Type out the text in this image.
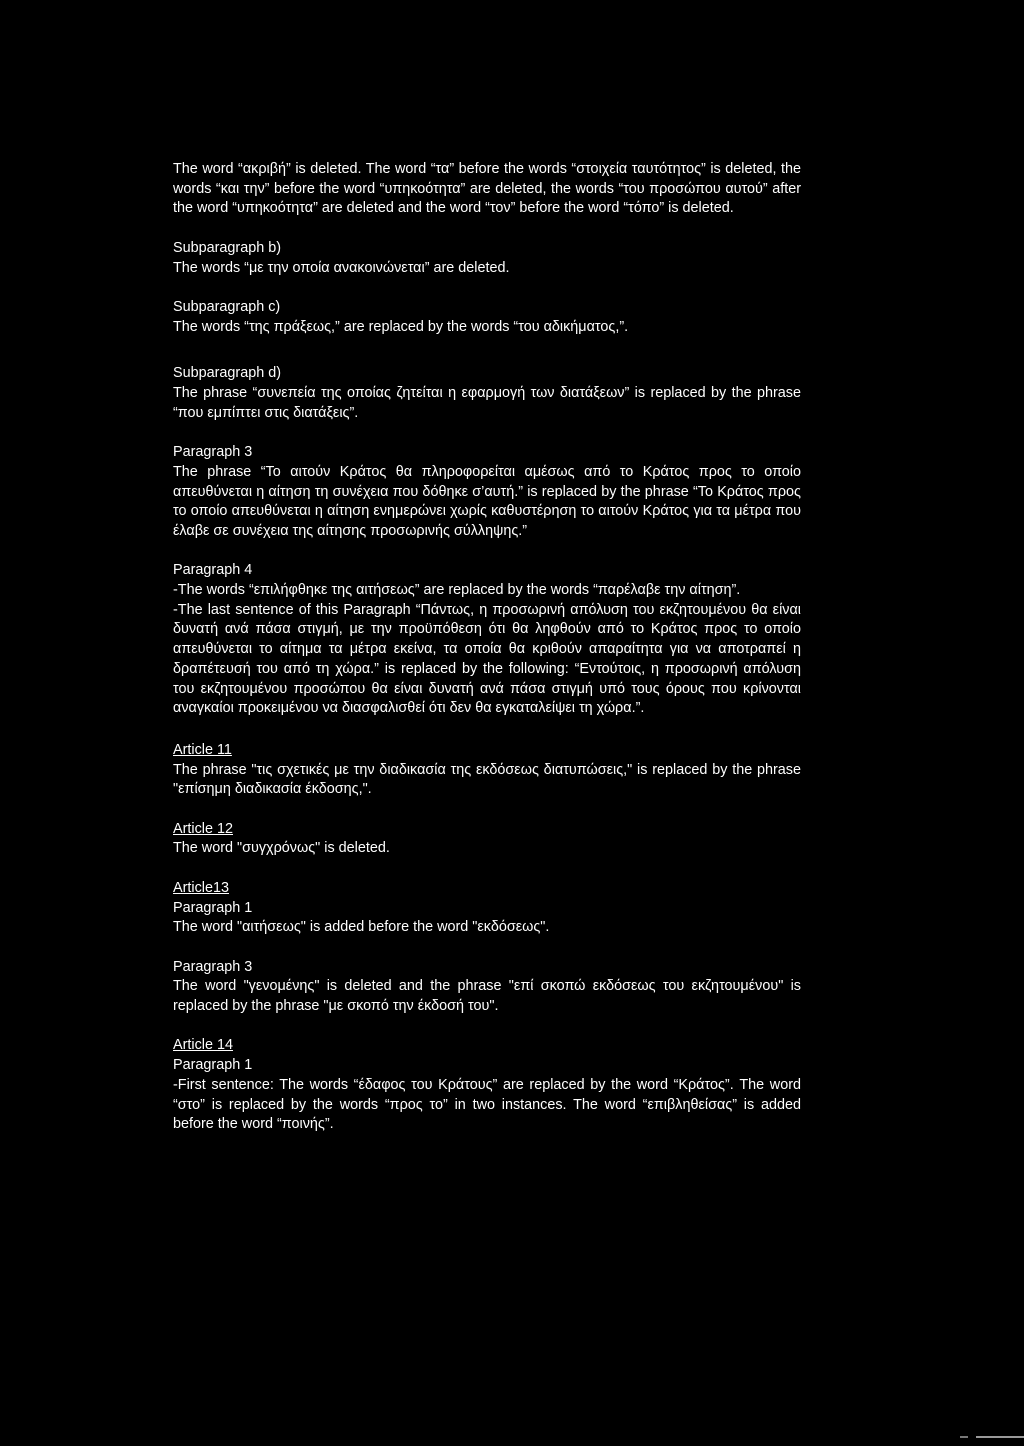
The word “ακριβή” is deleted. The word “τα” before the words “στοιχεία ταυτότητος” is deleted, the words “και την” before the word “υπηκοότητα” are deleted, the words “του προσώπου αυτού” after the word “υπηκοότητα” are deleted and the word “τον” before the word “τόπο” is deleted.

Subparagraph b)

The words “με την οποία ανακοινώνεται” are deleted.

Subparagraph c)

The words “της πράξεως,” are replaced by the words “του αδικήματος,”.

Subparagraph d)

The phrase “συνεπεία της οποίας ζητείται η εφαρμογή των διατάξεων” is replaced by the phrase “που εμπίπτει στις διατάξεις”.

Paragraph 3

The phrase “Το αιτούν Κράτος θα πληροφορείται αμέσως από το Κράτος προς το οποίο απευθύνεται η αίτηση τη συνέχεια που δόθηκε σ’αυτή.” is replaced by the phrase “Το Κράτος προς το οποίο απευθύνεται η αίτηση ενημερώνει χωρίς καθυστέρηση το αιτούν Κράτος για τα μέτρα που έλαβε σε συνέχεια της αίτησης προσωρινής σύλληψης.”

Paragraph 4

-The words “επιλήφθηκε της αιτήσεως” are replaced by the words “παρέλαβε την αίτηση”.

-The last sentence of this Paragraph “Πάντως, η προσωρινή απόλυση του εκζητουμένου θα είναι δυνατή ανά πάσα στιγμή, με την προϋπόθεση ότι θα ληφθούν από το Κράτος προς το οποίο απευθύνεται το αίτημα τα μέτρα εκείνα, τα οποία θα κριθούν απαραίτητα για να αποτραπεί η δραπέτευσή του από τη χώρα.” is replaced by the following: “Εντούτοις, η προσωρινή απόλυση του εκζητουμένου προσώπου θα είναι δυνατή ανά πάσα στιγμή υπό τους όρους που κρίνονται αναγκαίοι προκειμένου να διασφαλισθεί ότι δεν θα εγκαταλείψει τη χώρα.”.

Article 11

The phrase "τις σχετικές με την διαδικασία της εκδόσεως διατυπώσεις," is replaced by the phrase "επίσημη διαδικασία έκδοσης,".

Article 12

The word "συγχρόνως" is deleted.

Article13

Paragraph 1

The word "αιτήσεως" is added before the word "εκδόσεως".

Paragraph 3

The word "γενομένης" is deleted and the phrase "επί σκοπώ εκδόσεως του εκζητουμένου" is replaced by the phrase "με σκοπό την έκδοσή του".

Article 14

Paragraph 1

-First sentence: The words “έδαφος του Κράτους” are replaced by the word “Κράτος”. The word “στο” is replaced by the words “προς το” in two instances. The word “επιβληθείσας” is added before the word “ποινής”.
